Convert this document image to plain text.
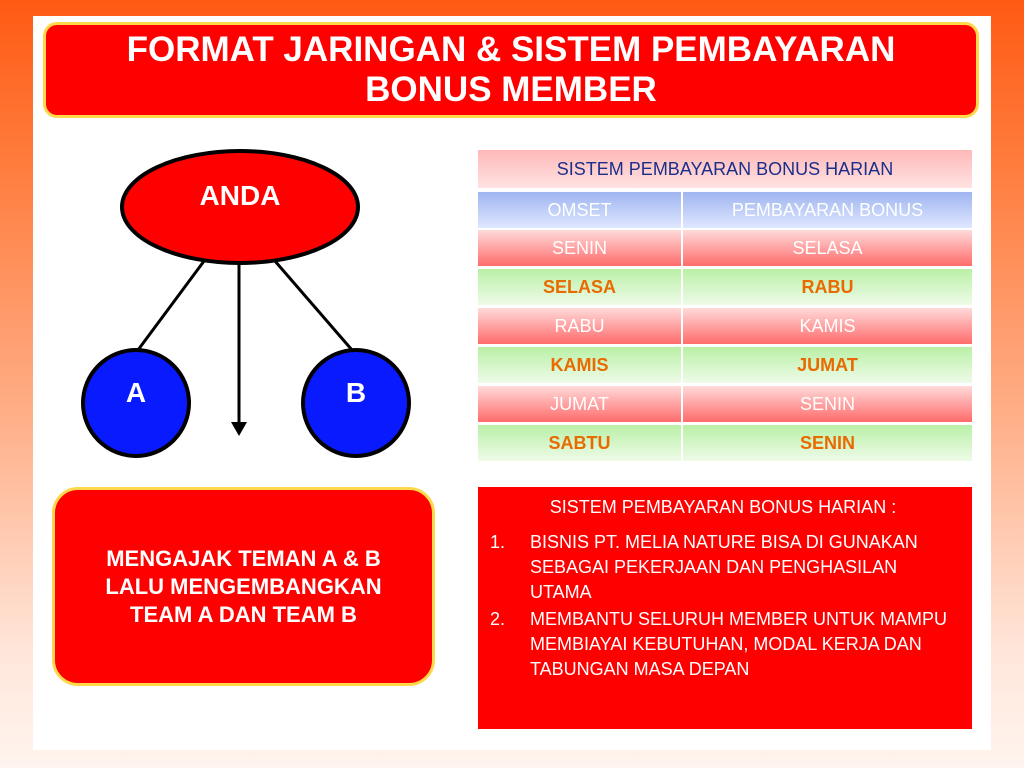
FORMAT JARINGAN & SISTEM PEMBAYARAN
BONUS MEMBER
ANDA
A	B
MENGAJAK TEMAN A & B
LALU MENGEMBANGKAN
TEAM A DAN TEAM B
SISTEM PEMBAYARAN BONUS HARIAN
OMSET	PEMBAYARAN BONUS
SENIN	SELASA
SELASA	RABU
RABU	KAMIS
KAMIS	JUMAT
JUMAT	SENIN
SABTU	SENIN
SISTEM PEMBAYARAN BONUS HARIAN :
1.	BISNIS PT. MELIA NATURE BISA DI GUNAKAN SEBAGAI PEKERJAAN DAN PENGHASILAN UTAMA
2.	MEMBANTU SELURUH MEMBER UNTUK MAMPU MEMBIAYAI KEBUTUHAN, MODAL KERJA DAN TABUNGAN MASA DEPAN
